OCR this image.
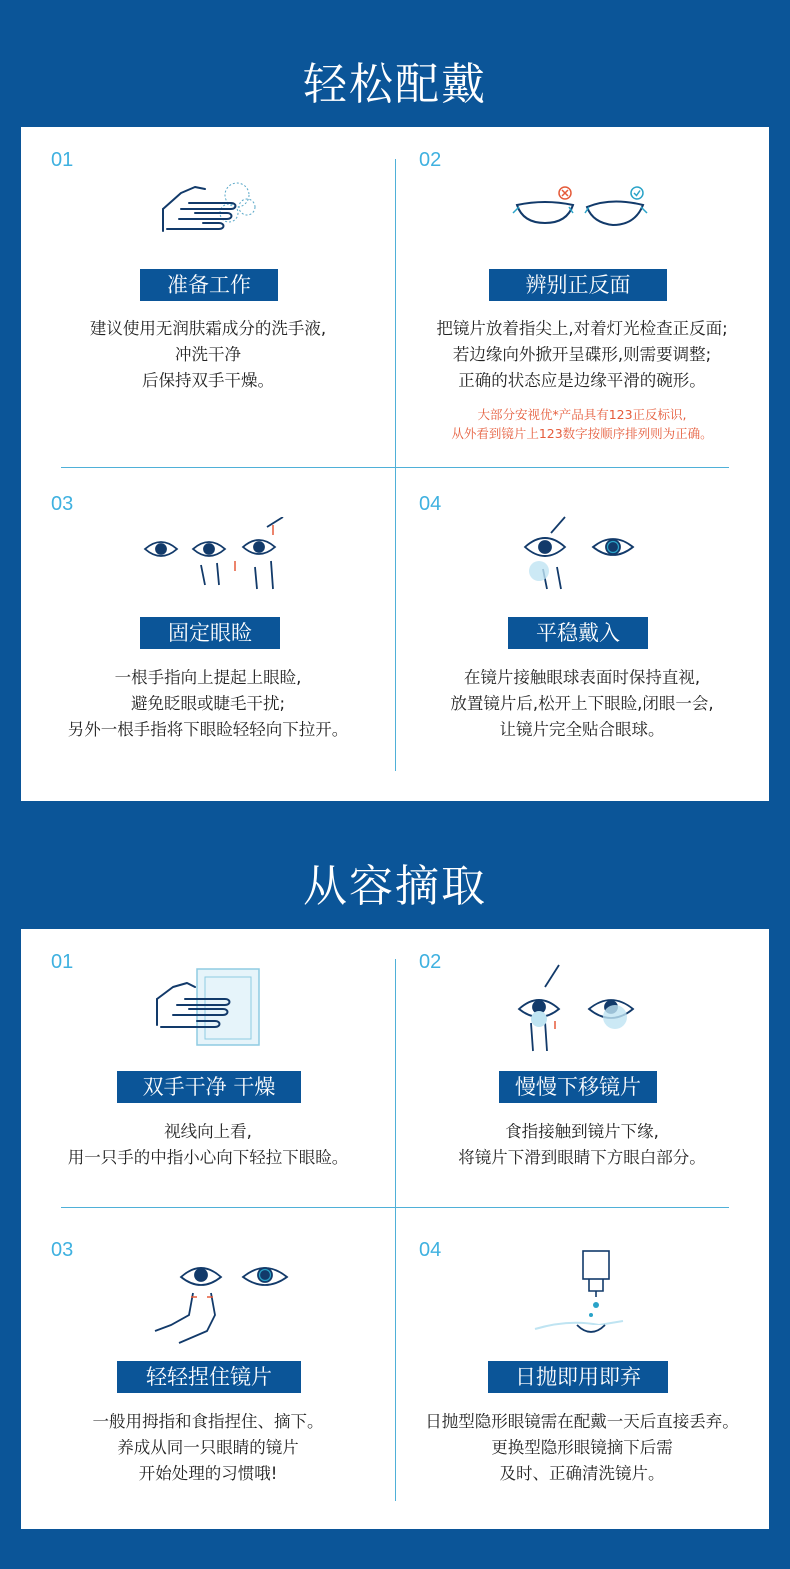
轻松配戴
01
准备工作
建议使用无润肤霜成分的洗手液,
冲洗干净
后保持双手干燥。
02
辨别正反面
把镜片放着指尖上,对着灯光检查正反面;
若边缘向外掀开呈碟形,则需要调整;
正确的状态应是边缘平滑的碗形。
大部分安视优*产品具有123正反标识,
从外看到镜片上123数字按顺序排列则为正确。
03
固定眼睑
一根手指向上提起上眼睑,
避免眨眼或睫毛干扰;
另外一根手指将下眼睑轻轻向下拉开。
04
平稳戴入
在镜片接触眼球表面时保持直视,
放置镜片后,松开上下眼睑,闭眼一会,
让镜片完全贴合眼球。
从容摘取
01
双手干净 干燥
视线向上看,
用一只手的中指小心向下轻拉下眼睑。
02
慢慢下移镜片
食指接触到镜片下缘,
将镜片下滑到眼睛下方眼白部分。
03
轻轻捏住镜片
一般用拇指和食指捏住、摘下。
养成从同一只眼睛的镜片
开始处理的习惯哦!
04
日抛即用即弃
日抛型隐形眼镜需在配戴一天后直接丢弃。
更换型隐形眼镜摘下后需
及时、正确清洗镜片。
